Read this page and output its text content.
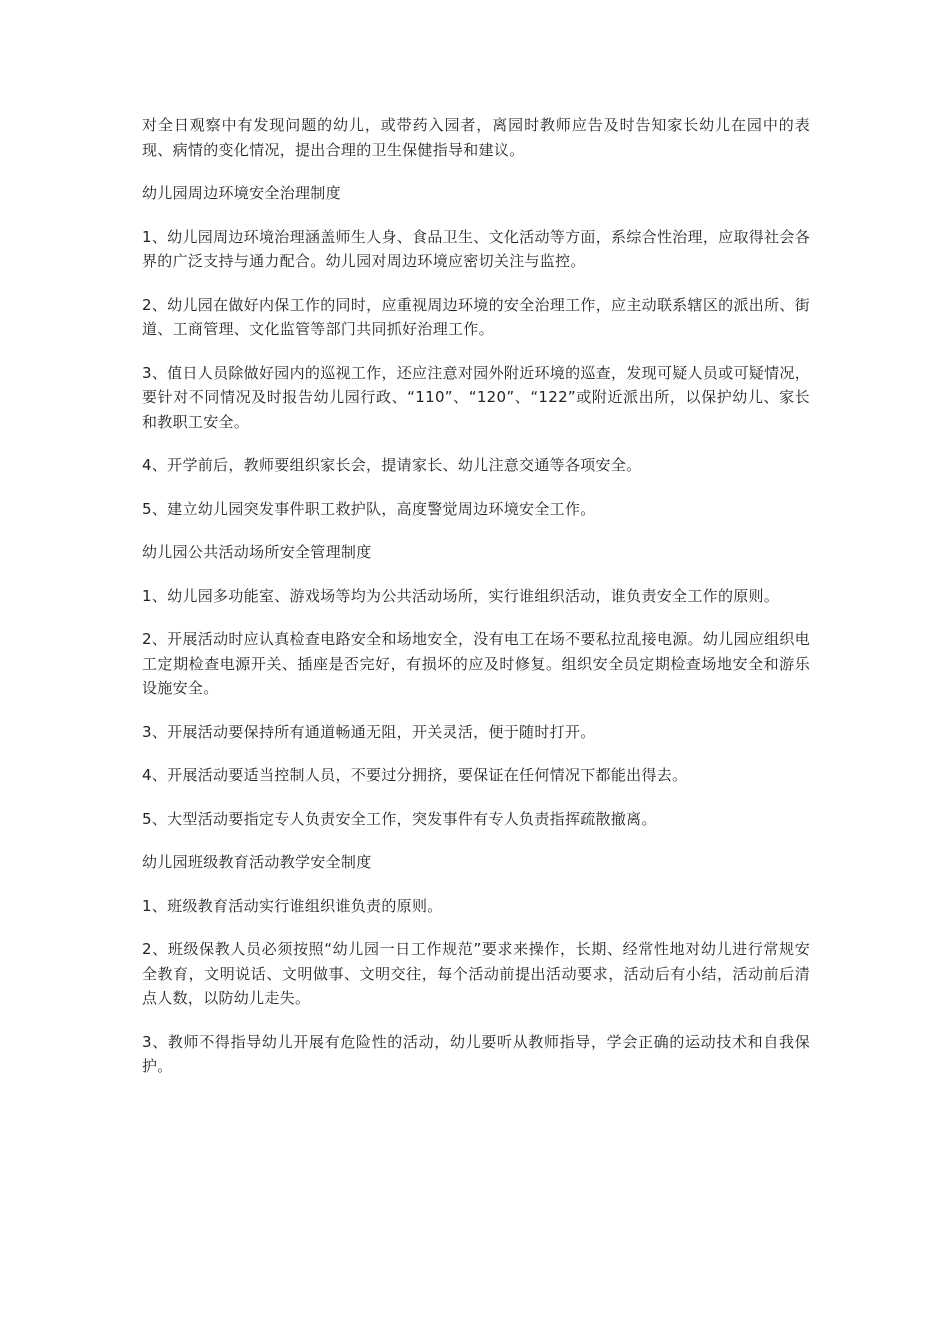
对全日观察中有发现问题的幼儿，或带药入园者，离园时教师应告及时告知家长幼儿在园中的表现、病情的变化情况，提出合理的卫生保健指导和建议。

幼儿园周边环境安全治理制度

1、幼儿园周边环境治理涵盖师生人身、食品卫生、文化活动等方面，系综合性治理，应取得社会各界的广泛支持与通力配合。幼儿园对周边环境应密切关注与监控。

2、幼儿园在做好内保工作的同时，应重视周边环境的安全治理工作，应主动联系辖区的派出所、街道、工商管理、文化监管等部门共同抓好治理工作。

3、值日人员除做好园内的巡视工作，还应注意对园外附近环境的巡查，发现可疑人员或可疑情况，要针对不同情况及时报告幼儿园行政、“110”、“120”、“122”或附近派出所，以保护幼儿、家长和教职工安全。

4、开学前后，教师要组织家长会，提请家长、幼儿注意交通等各项安全。

5、建立幼儿园突发事件职工救护队，高度警觉周边环境安全工作。

幼儿园公共活动场所安全管理制度

1、幼儿园多功能室、游戏场等均为公共活动场所，实行谁组织活动，谁负责安全工作的原则。

2、开展活动时应认真检查电路安全和场地安全，没有电工在场不要私拉乱接电源。幼儿园应组织电工定期检查电源开关、插座是否完好，有损坏的应及时修复。组织安全员定期检查场地安全和游乐设施安全。

3、开展活动要保持所有通道畅通无阻，开关灵活，便于随时打开。

4、开展活动要适当控制人员，不要过分拥挤，要保证在任何情况下都能出得去。

5、大型活动要指定专人负责安全工作，突发事件有专人负责指挥疏散撤离。

幼儿园班级教育活动教学安全制度

1、班级教育活动实行谁组织谁负责的原则。

2、班级保教人员必须按照“幼儿园一日工作规范”要求来操作，长期、经常性地对幼儿进行常规安全教育，文明说话、文明做事、文明交往，每个活动前提出活动要求，活动后有小结，活动前后清点人数，以防幼儿走失。

3、教师不得指导幼儿开展有危险性的活动，幼儿要听从教师指导，学会正确的运动技术和自我保护。
